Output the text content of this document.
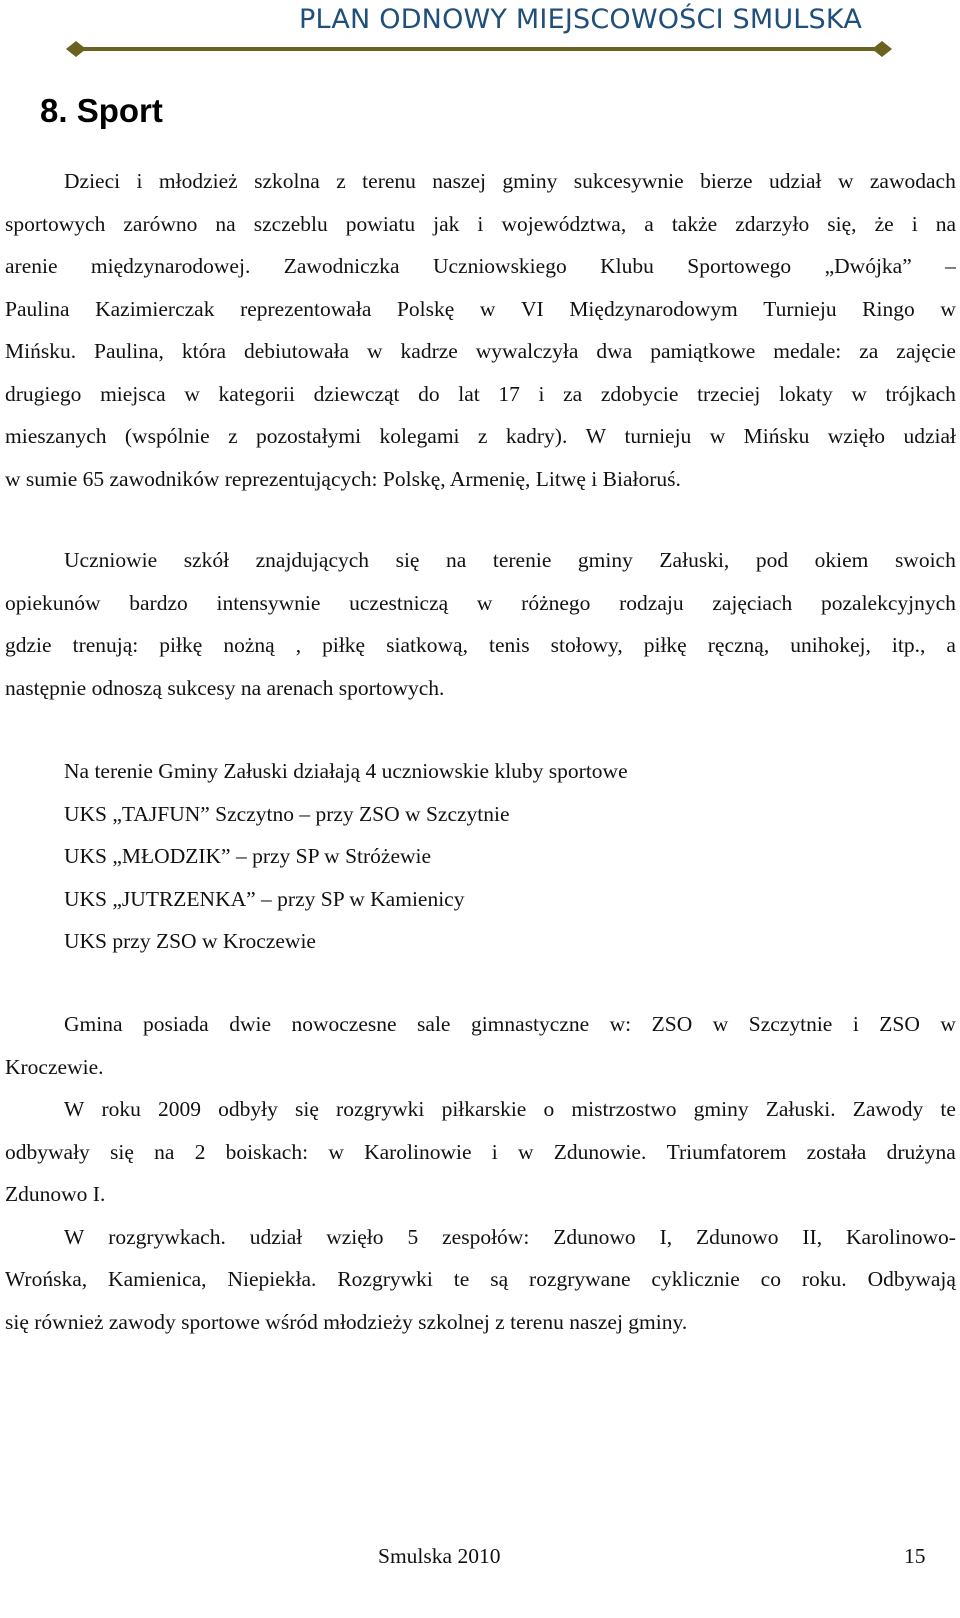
PLAN ODNOWY MIEJSCOWOŚCI SMULSKA
8. Sport
Dzieci i młodzież szkolna z terenu naszej gminy sukcesywnie bierze udział w zawodach
sportowych zarówno na szczeblu powiatu jak i województwa, a także zdarzyło się, że i na
arenie międzynarodowej. Zawodniczka Uczniowskiego Klubu Sportowego „Dwójka” –
Paulina Kazimierczak reprezentowała Polskę w VI Międzynarodowym Turnieju Ringo w
Mińsku. Paulina, która debiutowała w kadrze wywalczyła dwa pamiątkowe medale: za zajęcie
drugiego miejsca w kategorii dziewcząt do lat 17 i za zdobycie trzeciej lokaty w trójkach
mieszanych (wspólnie z pozostałymi kolegami z kadry). W turnieju w Mińsku wzięło udział
w sumie 65 zawodników reprezentujących: Polskę, Armenię, Litwę i Białoruś.
Uczniowie szkół znajdujących się na terenie gminy Załuski, pod okiem swoich
opiekunów bardzo intensywnie uczestniczą w różnego rodzaju zajęciach pozalekcyjnych
gdzie trenują: piłkę nożną , piłkę siatkową, tenis stołowy, piłkę ręczną, unihokej, itp., a
następnie odnoszą sukcesy na arenach sportowych.
Na terenie Gminy Załuski działają 4 uczniowskie kluby sportowe
UKS „TAJFUN” Szczytno – przy ZSO w Szczytnie
UKS „MŁODZIK” – przy SP w Stróżewie
UKS „JUTRZENKA” – przy SP w Kamienicy
UKS przy ZSO w Kroczewie
Gmina posiada dwie nowoczesne sale gimnastyczne w: ZSO w Szczytnie i ZSO w
Kroczewie.
W roku 2009 odbyły się rozgrywki piłkarskie o mistrzostwo gminy Załuski. Zawody te
odbywały się na 2 boiskach: w Karolinowie i w Zdunowie. Triumfatorem została drużyna
Zdunowo I.
W rozgrywkach. udział wzięło 5 zespołów: Zdunowo I, Zdunowo II, Karolinowo-
Wrońska, Kamienica, Niepiekła. Rozgrywki te są rozgrywane cyklicznie co roku. Odbywają
się również zawody sportowe wśród młodzieży szkolnej z terenu naszej gminy.
Smulska 2010	15
